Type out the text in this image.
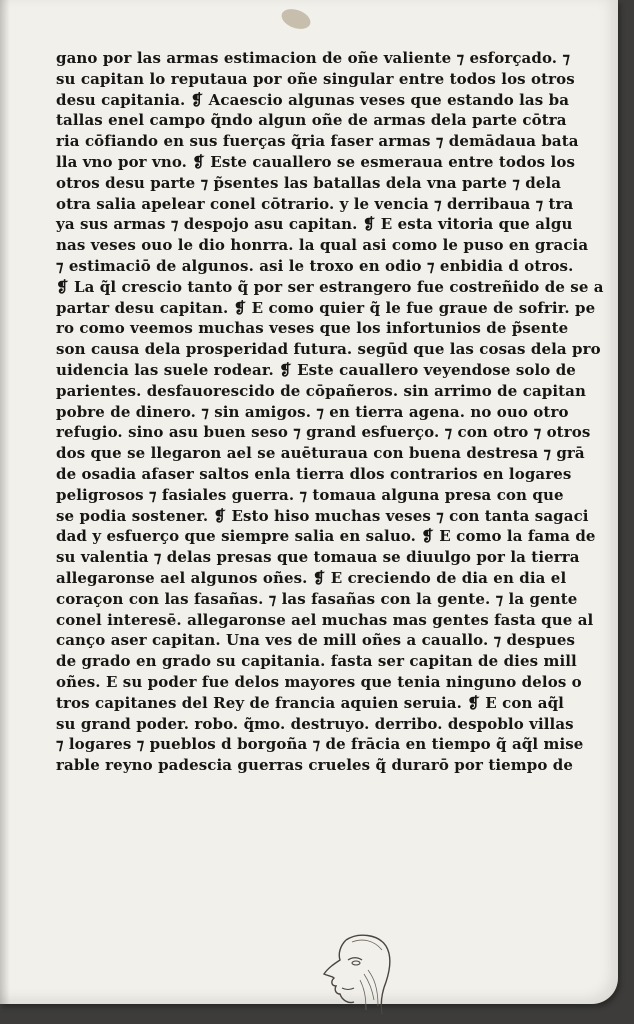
gano por las armas estimacion de oñe valiente ⁊ esforçado. ⁊
su capitan lo reputaua por oñe singular entre todos los otros
desu capitania. ❡ Acaescio algunas veses que estando las ba
tallas enel campo q̃ndo algun oñe de armas dela parte cōtra
ria cōfiando en sus fuerças q̃ria faser armas ⁊ demādaua bata
lla vno por vno. ❡ Este cauallero se esmeraua entre todos los
otros desu parte ⁊ p̃sentes las batallas dela vna parte ⁊ dela
otra salia apelear conel cōtrario. y le vencia ⁊ derribaua ⁊ tra
ya sus armas ⁊ despojo asu capitan. ❡ E esta vitoria que algu
nas veses ouo le dio honrra. la qual asi como le puso en gracia
⁊ estimaciō de algunos. asi le troxo en odio ⁊ enbidia d otros.
❡ La q̃l crescio tanto q̃ por ser estrangero fue costreñido de se a
partar desu capitan. ❡ E como quier q̃ le fue graue de sofrir. pe
ro como veemos muchas veses que los infortunios de p̃sente
son causa dela prosperidad futura. segūd que las cosas dela pro
uidencia las suele rodear. ❡ Este cauallero veyendose solo de
parientes. desfauorescido de cōpañeros. sin arrimo de capitan
pobre de dinero. ⁊ sin amigos. ⁊ en tierra agena. no ouo otro
refugio. sino asu buen seso ⁊ grand esfuerço. ⁊ con otro ⁊ otros
dos que se llegaron ael se auēturaua con buena destresa ⁊ grā
de osadia afaser saltos enla tierra dlos contrarios en logares
peligrosos ⁊ fasiales guerra. ⁊ tomaua alguna presa con que
se podia sostener. ❡ Esto hiso muchas veses ⁊ con tanta sagaci
dad y esfuerço que siempre salia en saluo. ❡ E como la fama de
su valentia ⁊ delas presas que tomaua se diuulgo por la tierra
allegaronse ael algunos oñes. ❡ E creciendo de dia en dia el
coraçon con las fasañas. ⁊ las fasañas con la gente. ⁊ la gente
conel interesē. allegaronse ael muchas mas gentes fasta que al
canço aser capitan. Una ves de mill oñes a cauallo. ⁊ despues
de grado en grado su capitania. fasta ser capitan de dies mill
oñes. E su poder fue delos mayores que tenia ninguno delos o
tros capitanes del Rey de francia aquien seruia. ❡ E con aq̃l
su grand poder. robo. q̃mo. destruyo. derribo. despoblo villas
⁊ logares ⁊ pueblos d borgoña ⁊ de frācia en tiempo q̃ aq̃l mise
rable reyno padescia guerras crueles q̃ durarō por tiempo de
